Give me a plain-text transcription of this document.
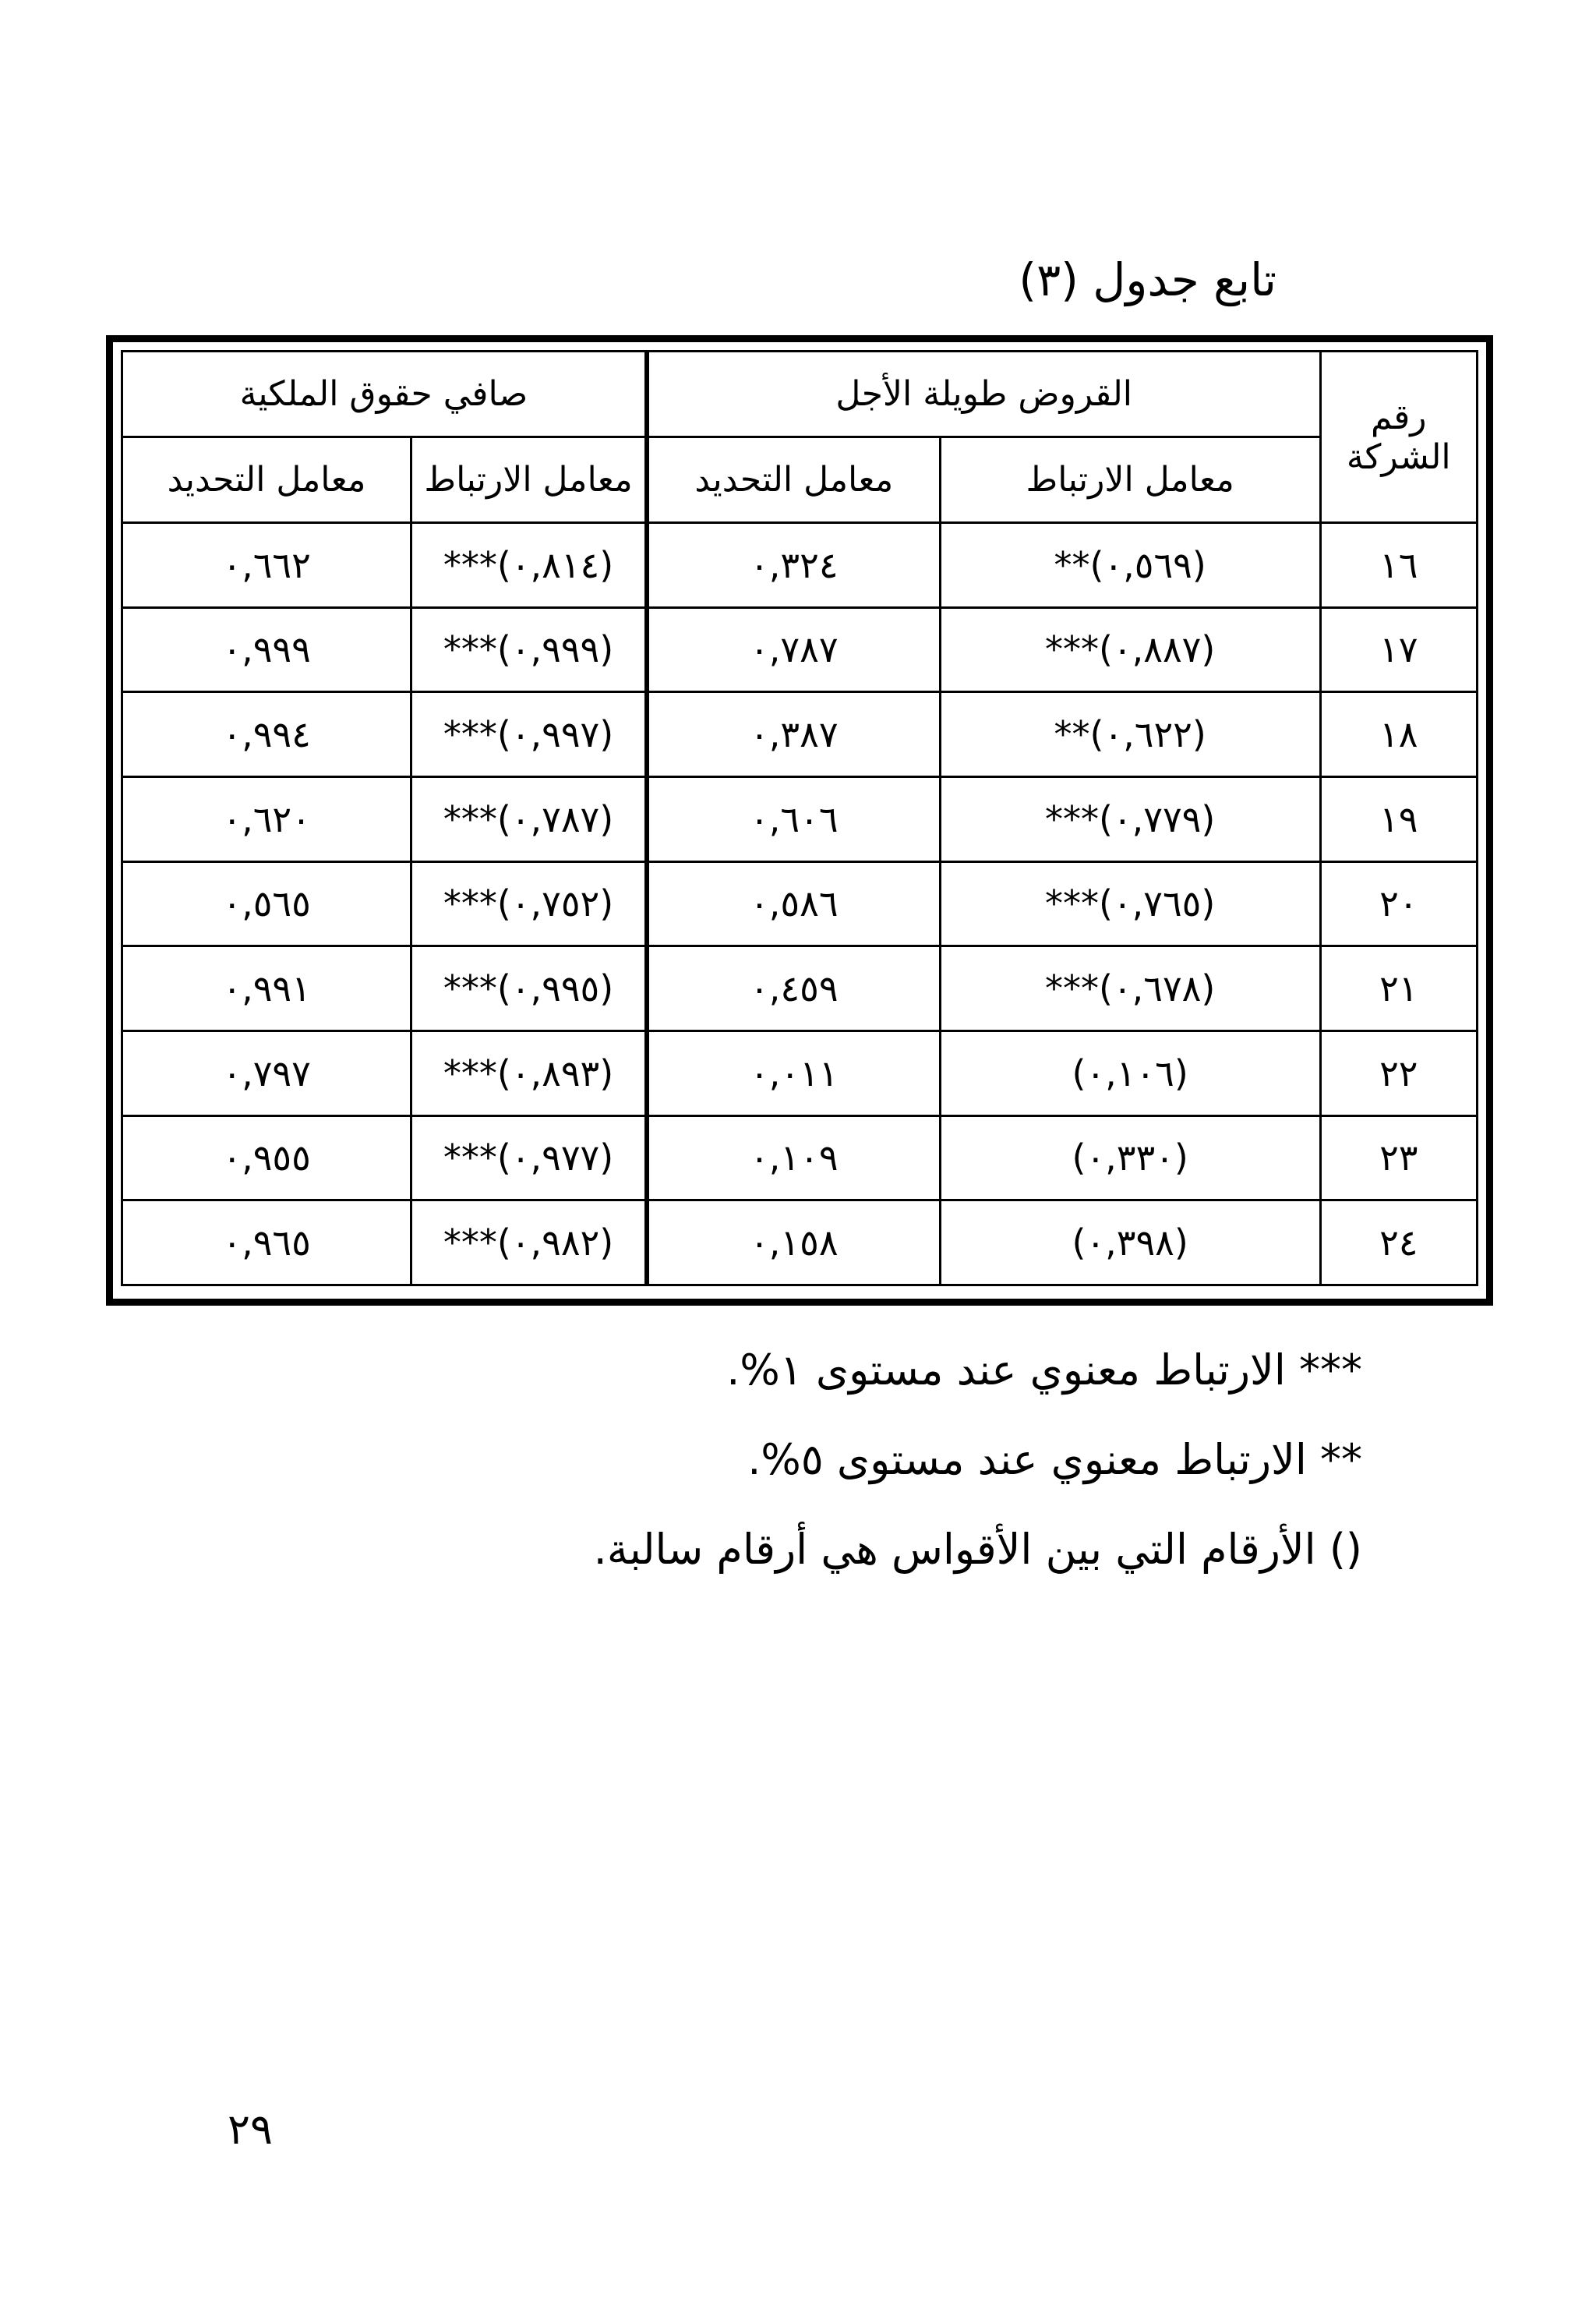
تابع جدول (٣)
رقم
الشركة	القروض طويلة الأجل		صافي حقوق الملكية	
	معامل الارتباط	معامل التحديد	معامل الارتباط	معامل التحديد
١٦	(٠,٥٦٩)**	٠,٣٢٤	(٠,٨١٤)***	٠,٦٦٢
١٧	(٠,٨٨٧)***	٠,٧٨٧	(٠,٩٩٩)***	٠,٩٩٩
١٨	(٠,٦٢٢)**	٠,٣٨٧	(٠,٩٩٧)***	٠,٩٩٤
١٩	(٠,٧٧٩)***	٠,٦٠٦	(٠,٧٨٧)***	٠,٦٢٠
٢٠	(٠,٧٦٥)***	٠,٥٨٦	(٠,٧٥٢)***	٠,٥٦٥
٢١	(٠,٦٧٨)***	٠,٤٥٩	(٠,٩٩٥)***	٠,٩٩١
٢٢	(٠,١٠٦)	٠,٠١١	(٠,٨٩٣)***	٠,٧٩٧
٢٣	(٠,٣٣٠)	٠,١٠٩	(٠,٩٧٧)***	٠,٩٥٥
٢٤	(٠,٣٩٨)	٠,١٥٨	(٠,٩٨٢)***	٠,٩٦٥
*** الارتباط معنوي عند مستوى ١%.
** الارتباط معنوي عند مستوى ٥%.
() الأرقام التي بين الأقواس هي أرقام سالبة.
٢٩
